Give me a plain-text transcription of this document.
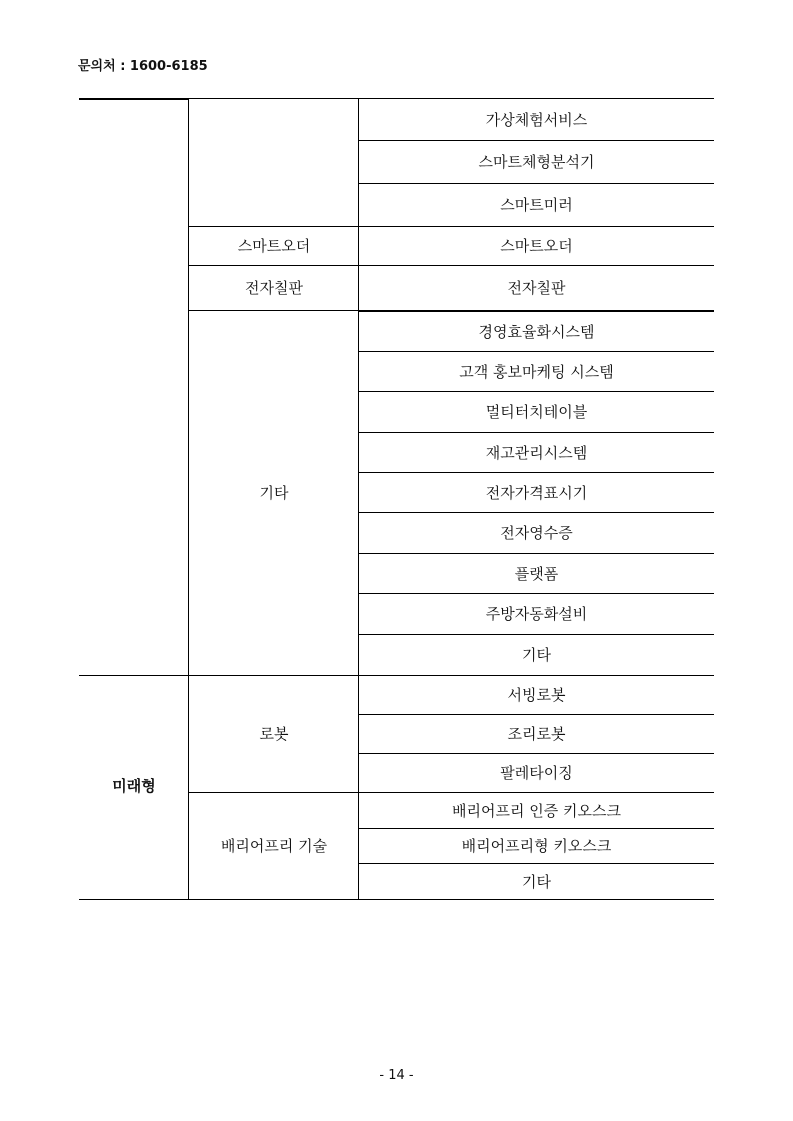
문의처 : 1600-6185
미래형
스마트오더
전자칠판
기타
로봇
배리어프리 기술
가상체험서비스
스마트체형분석기
스마트미러
스마트오더
전자칠판
경영효율화시스템
고객 홍보마케팅 시스템
멀티터치테이블
재고관리시스템
전자가격표시기
전자영수증
플랫폼
주방자동화설비
기타
서빙로봇
조리로봇
팔레타이징
배리어프리 인증 키오스크
배리어프리형 키오스크
기타
- 14 -
